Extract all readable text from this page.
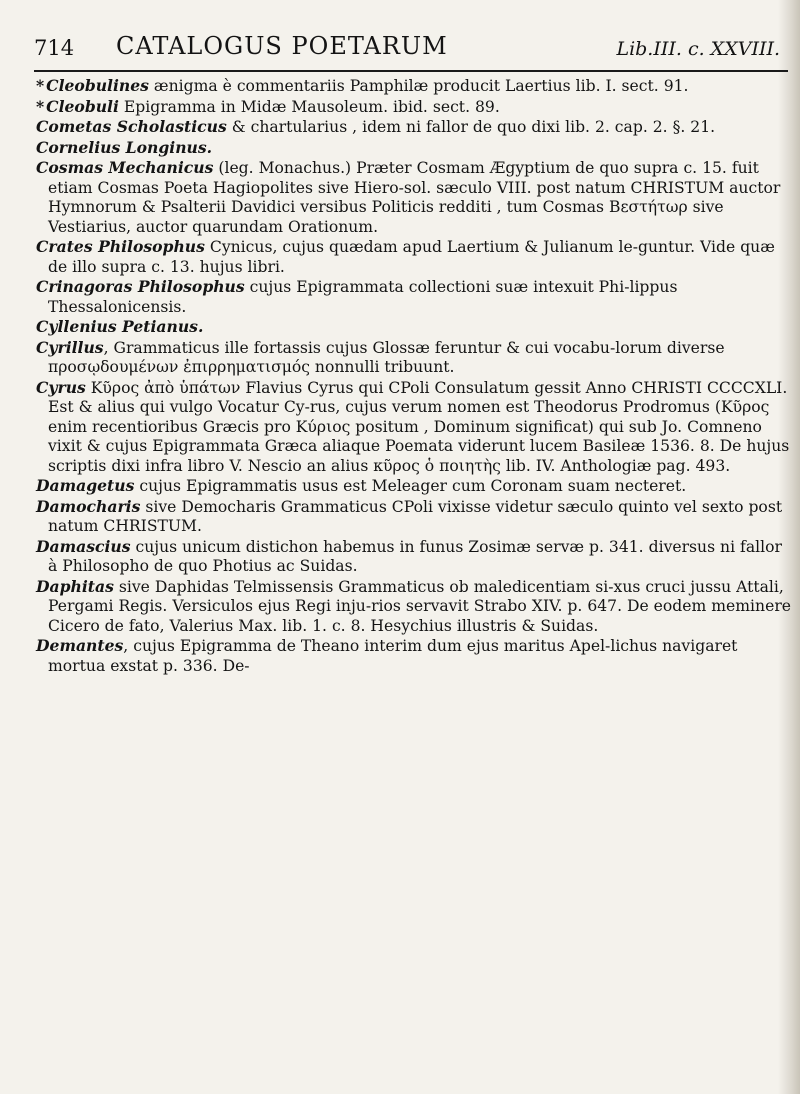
714 CATALOGUS POETARUM	Lib.III. c. XXVIII.

* Cleobulines ænigma è commentariis Pamphilæ producit Laertius lib. I. sect. 91.

* Cleobuli Epigramma in Midæ Mausoleum. ibid. sect. 89.

Cometas Scholasticus & chartularius , idem ni fallor de quo dixi lib. 2. cap. 2. §. 21.

Cornelius Longinus.

Cosmas Mechanicus (leg. Monachus.) Præter Cosmam Ægyptium de quo supra c. 15. fuit etiam Cosmas Poeta Hagiopolites sive Hiero-sol. sæculo VIII. post natum CHRISTUM auctor Hymnorum & Psalterii Davidici versibus Politicis redditi , tum Cosmas Βεστήτωρ sive Vestiarius, auctor quarundam Orationum.

Crates Philosophus Cynicus, cujus quædam apud Laertium & Julianum le-guntur. Vide quæ de illo supra c. 13. hujus libri.

Crinagoras Philosophus cujus Epigrammata collectioni suæ intexuit Phi-lippus Thessalonicensis.

Cyllenius Petianus.

Cyrillus, Grammaticus ille fortassis cujus Glossæ feruntur & cui vocabu-lorum diverse προσῳδουμένων ἐπιρρηματισμός nonnulli tribuunt.

Cyrus Κῦρος ἀπὸ ὑπάτων Flavius Cyrus qui CPoli Consulatum gessit Anno CHRISTI CCCCXLI. Est & alius qui vulgo Vocatur Cy-rus, cujus verum nomen est Theodorus Prodromus (Κῦρος enim recentioribus Græcis pro Κύριος positum , Dominum significat) qui sub Jo. Comneno vixit & cujus Epigrammata Græca aliaque Poemata viderunt lucem Basileæ 1536. 8. De hujus scriptis dixi infra libro V. Nescio an alius κῦρος ὁ ποιητὴς lib. IV. Anthologiæ pag. 493.

Damagetus cujus Epigrammatis usus est Meleager cum Coronam suam necteret.

Damocharis sive Democharis Grammaticus CPoli vixisse videtur sæculo quinto vel sexto post natum CHRISTUM.

Damascius cujus unicum distichon habemus in funus Zosimæ servæ p. 341. diversus ni fallor à Philosopho de quo Photius ac Suidas.

Daphitas sive Daphidas Telmissensis Grammaticus ob maledicentiam si-xus cruci jussu Attali, Pergami Regis. Versiculos ejus Regi inju-rios servavit Strabo XIV. p. 647. De eodem meminere Cicero de fato, Valerius Max. lib. 1. c. 8. Hesychius illustris & Suidas.

Demantes, cujus Epigramma de Theano interim dum ejus maritus Apel-lichus navigaret mortua exstat p. 336. De-
